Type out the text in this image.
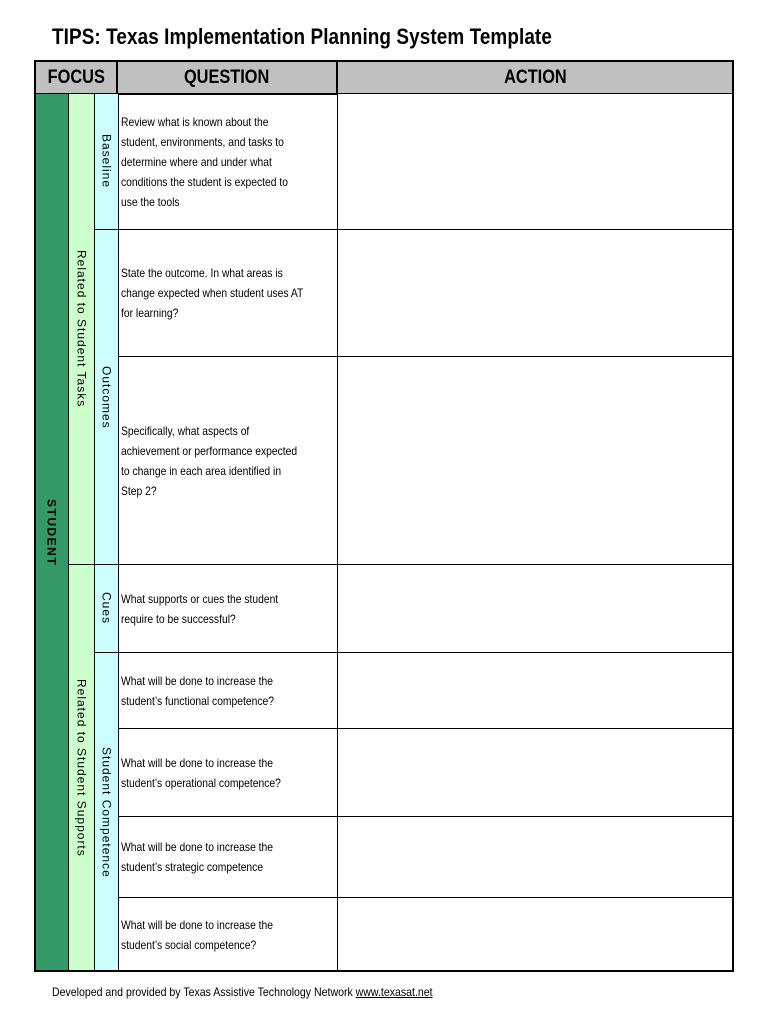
TIPS: Texas Implementation Planning System Template
FOCUS	QUESTION	ACTION
STUDENT
Related to Student Tasks
Related to Student Supports
Baseline
Outcomes
Cues
Student Competence
Review what is known about the student, environments, and tasks to determine where and under what conditions the student is expected to use the tools
State the outcome. In what areas is change expected when student uses AT for learning?
Specifically, what aspects of achievement or performance expected to change in each area identified in Step 2?
What supports or cues the student require to be successful?
What will be done to increase the student’s functional competence?
What will be done to increase the student’s operational competence?
What will be done to increase the student’s strategic competence
What will be done to increase the student’s social competence?
Developed and provided by Texas Assistive Technology Network www.texasat.net
